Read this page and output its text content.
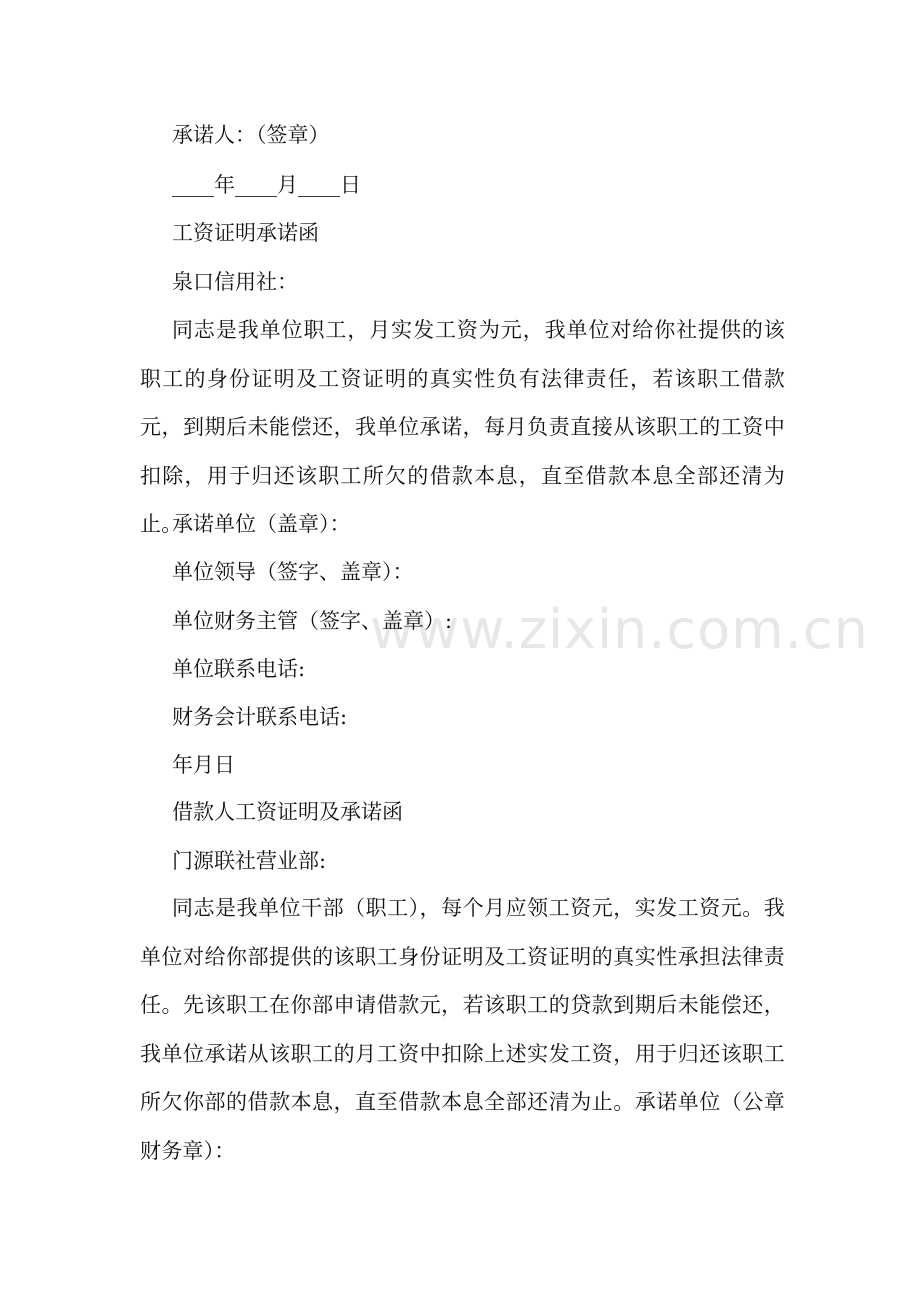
承诺人：（签章）
____年____月____日
工资证明承诺函
泉口信用社：
同志是我单位职工，月实发工资为元，我单位对给你社提供的该职工的身份证明及工资证明的真实性负有法律责任，若该职工借款元，到期后未能偿还，我单位承诺，每月负责直接从该职工的工资中扣除，用于归还该职工所欠的借款本息，直至借款本息全部还清为止。
承诺单位（盖章）：
单位领导（签字、盖章）：
单位财务主管（签字、盖章）:
单位联系电话:
财务会计联系电话:
年月日
借款人工资证明及承诺函
门源联社营业部:
同志是我单位干部（职工），每个月应领工资元，实发工资元。我单位对给你部提供的该职工身份证明及工资证明的真实性承担法律责任。先该职工在你部申请借款元，若该职工的贷款到期后未能偿还，我单位承诺从该职工的月工资中扣除上述实发工资，用于归还该职工所欠你部的借款本息，直至借款本息全部还清为止。承诺单位（公章财务章）：
www.zixin.com.cn
